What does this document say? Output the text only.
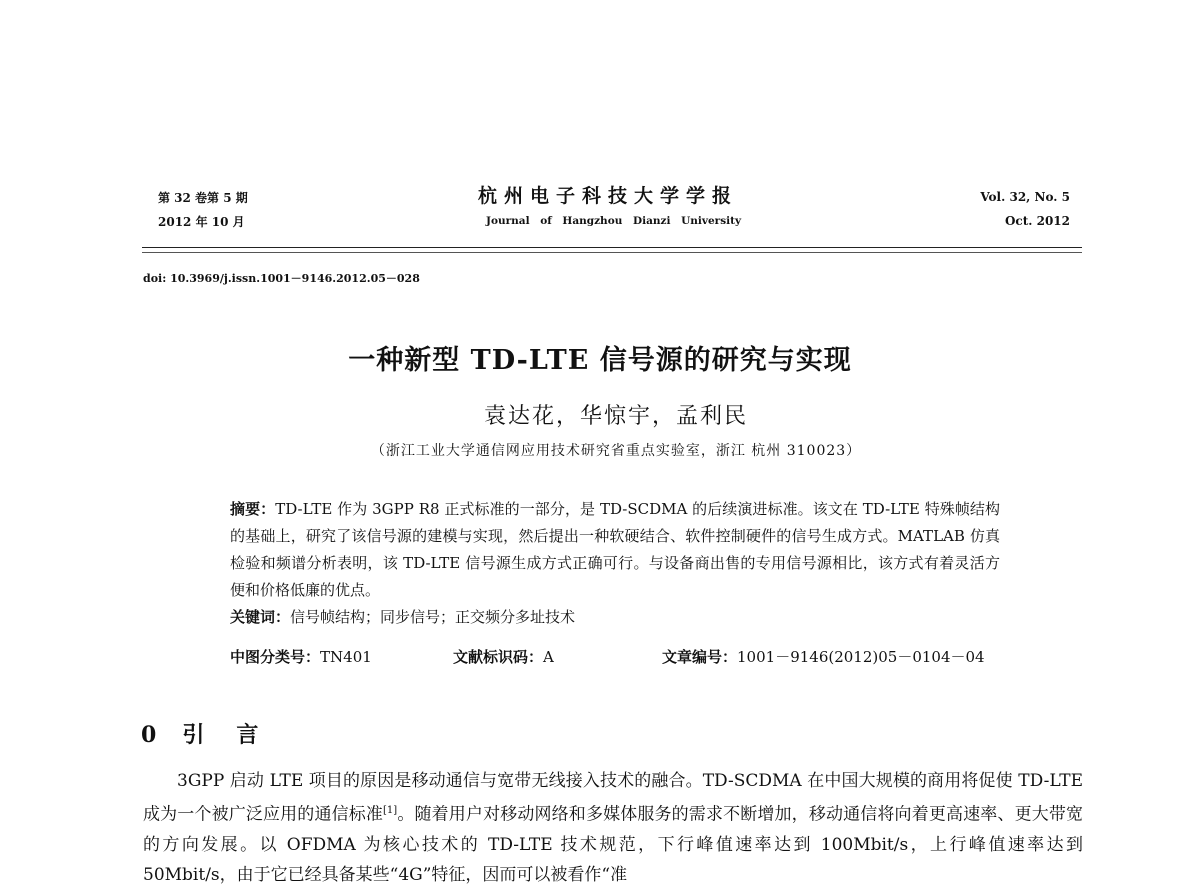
第 32 卷第 5 期
2012 年 10 月
杭州电子科技大学学报
Journal of Hangzhou Dianzi University
Vol. 32, No. 5
Oct. 2012
doi: 10.3969/j.issn.1001－9146.2012.05－028
一种新型 TD-LTE 信号源的研究与实现
袁达花，华惊宇，孟利民
（浙江工业大学通信网应用技术研究省重点实验室，浙江 杭州 310023）
摘要：TD-LTE 作为 3GPP R8 正式标准的一部分，是 TD-SCDMA 的后续演进标准。该文在 TD-LTE 特殊帧结构的基础上，研究了该信号源的建模与实现，然后提出一种软硬结合、软件控制硬件的信号生成方式。MATLAB 仿真检验和频谱分析表明，该 TD-LTE 信号源生成方式正确可行。与设备商出售的专用信号源相比，该方式有着灵活方便和价格低廉的优点。
关键词：信号帧结构；同步信号；正交频分多址技术
中图分类号：TN401	文献标识码：A	文章编号：1001－9146(2012)05－0104－04
0 引 言
3GPP 启动 LTE 项目的原因是移动通信与宽带无线接入技术的融合。TD-SCDMA 在中国大规模的商用将促使 TD-LTE 成为一个被广泛应用的通信标准[1]。随着用户对移动网络和多媒体服务的需求不断增加，移动通信将向着更高速率、更大带宽的方向发展。以 OFDMA 为核心技术的 TD-LTE 技术规范，下行峰值速率达到 100Mbit/s，上行峰值速率达到 50Mbit/s，由于它已经具备某些“4G”特征，因而可以被看作“准
